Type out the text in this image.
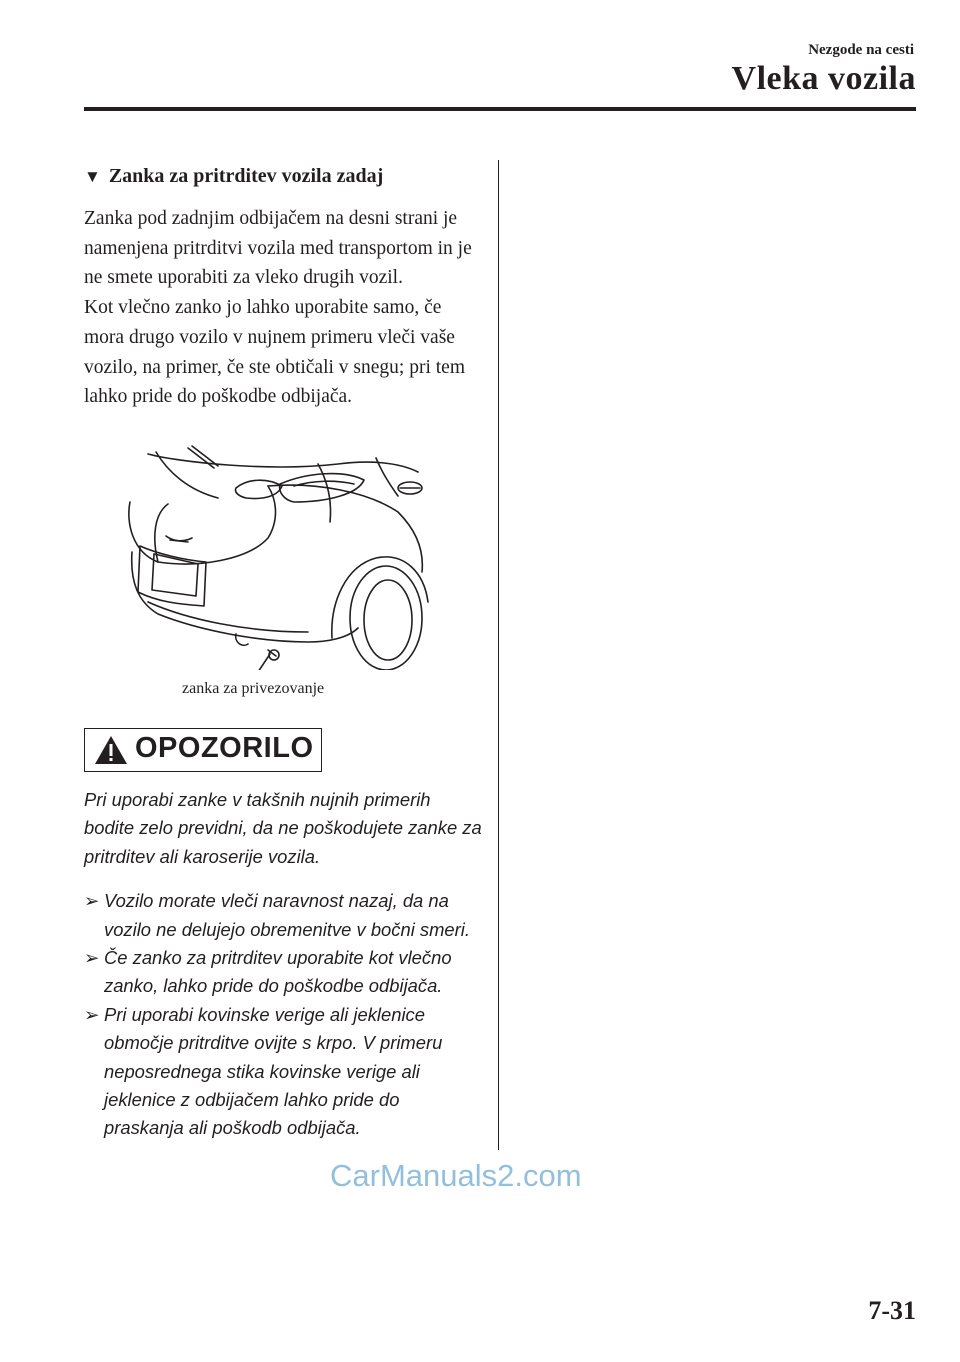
Nezgode na cesti
Vleka vozila
▼ Zanka za pritrditev vozila zadaj

Zanka pod zadnjim odbijačem na desni strani je namenjena pritrditvi vozila med transportom in je ne smete uporabiti za vleko drugih vozil.

Kot vlečno zanko jo lahko uporabite samo, če mora drugo vozilo v nujnem primeru vleči vaše vozilo, na primer, če ste obtičali v snegu; pri tem lahko pride do poškodbe odbijača.

zanka za privezovanje
OPOZORILO

Pri uporabi zanke v takšnih nujnih primerih bodite zelo previdni, da ne poškodujete zanke za pritrditev ali karoserije vozila.

➢ Vozilo morate vleči naravnost nazaj, da na vozilo ne delujejo obremenitve v bočni smeri.
➢ Če zanko za pritrditev uporabite kot vlečno zanko, lahko pride do poškodbe odbijača.
➢ Pri uporabi kovinske verige ali jeklenice območje pritrditve ovijte s krpo. V primeru neposrednega stika kovinske verige ali jeklenice z odbijačem lahko pride do praskanja ali poškodb odbijača.
CarManuals2.com
7-31
